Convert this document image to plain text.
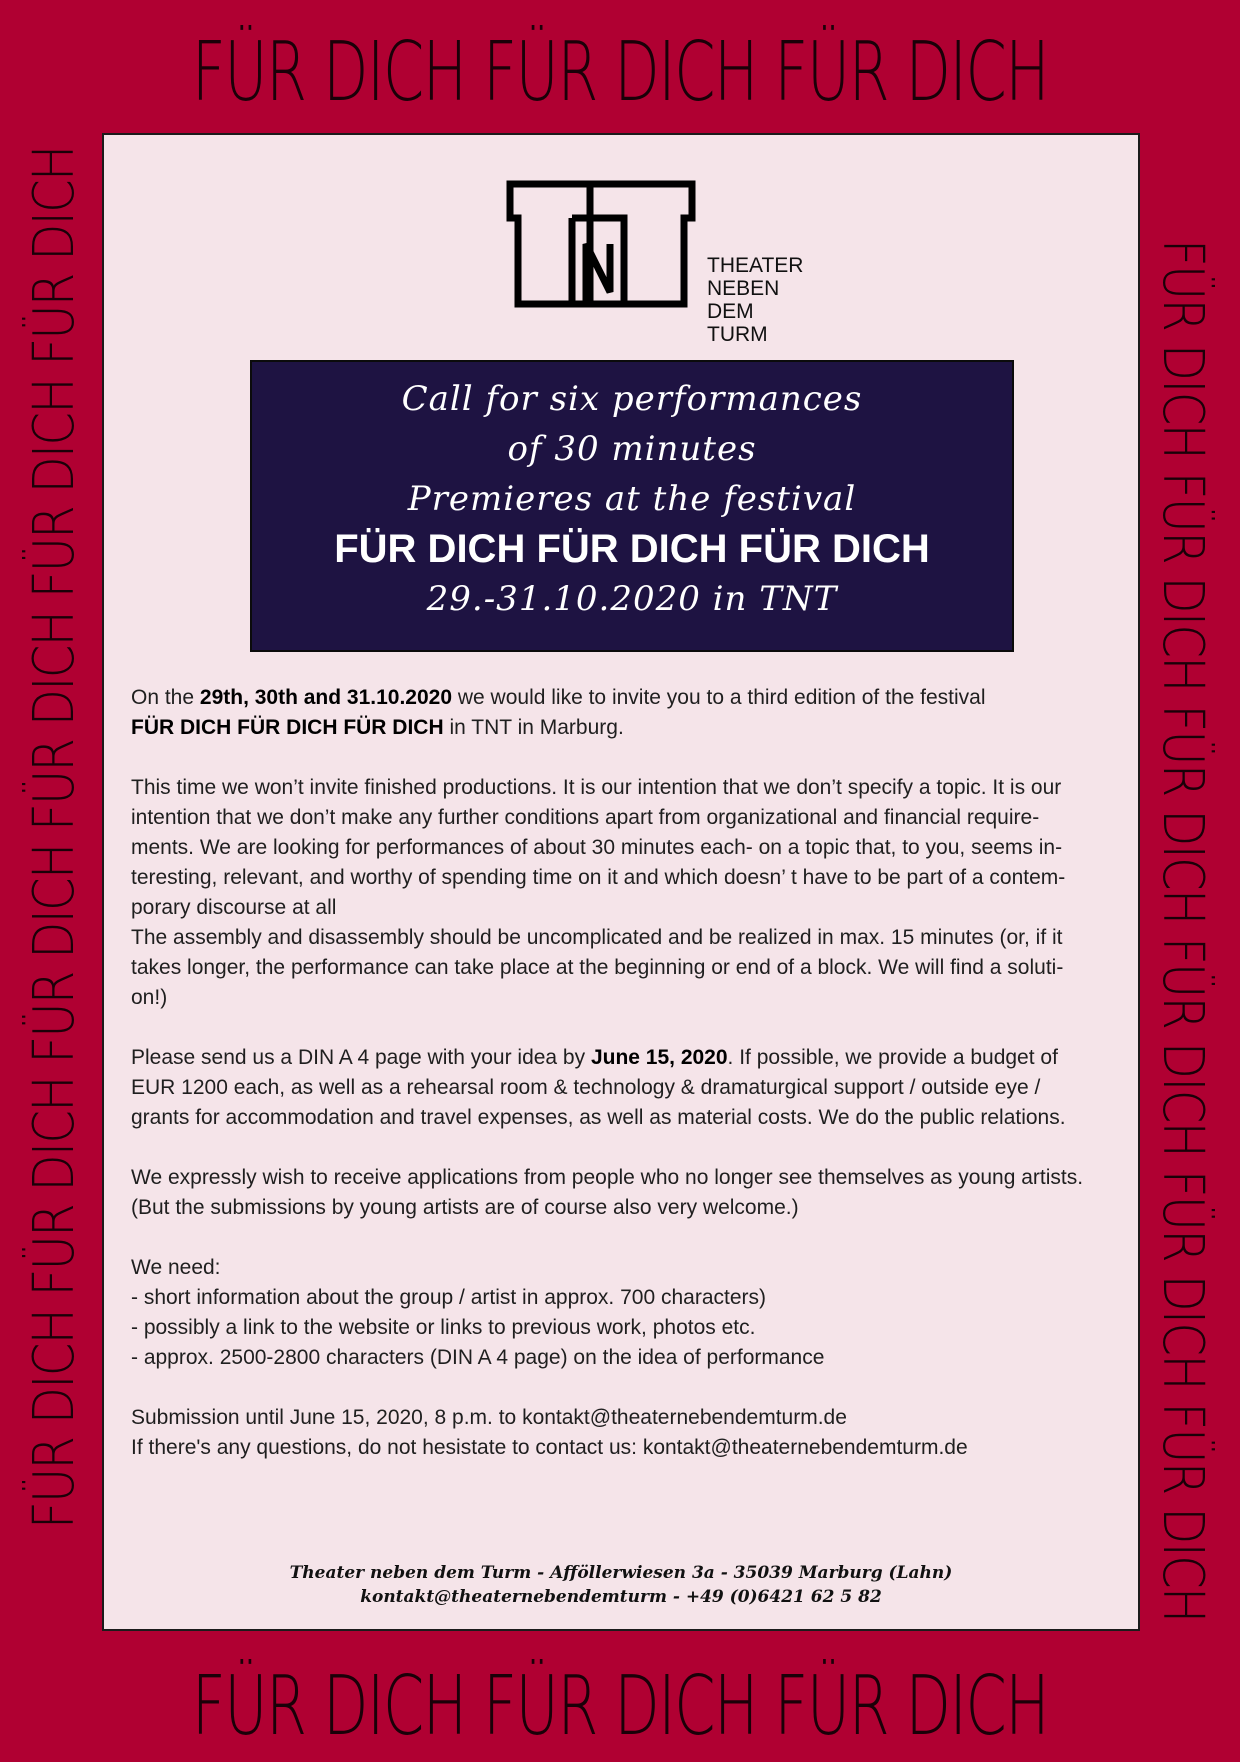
FÜR DICH FÜR DICH FÜR DICH
FÜR DICH FÜR DICH FÜR DICH FÜR DICH FÜR DICH FÜR DICH	FÜR DICH FÜR DICH FÜR DICH FÜR DICH FÜR DICH FÜR DICH
FÜR DICH FÜR DICH FÜR DICH
THEATER
NEBEN
DEM
TURM
Call for six performances
of 30 minutes
Premieres at the festival
FÜR DICH FÜR DICH FÜR DICH
29.-31.10.2020 in TNT

On the 29th, 30th and 31.10.2020 we would like to invite you to a third edition of the festival
FÜR DICH FÜR DICH FÜR DICH in TNT in Marburg.

This time we won’t invite finished productions. It is our intention that we don’t specify a topic. It is our
intention that we don’t make any further conditions apart from organizational and financial require-
ments. We are looking for performances of about 30 minutes each- on a topic that, to you, seems in-
teresting, relevant, and worthy of spending time on it and which doesn’ t have to be part of a contem-
porary discourse at all
The assembly and disassembly should be uncomplicated and be realized in max. 15 minutes (or, if it
takes longer, the performance can take place at the beginning or end of a block. We will find a soluti-
on!)

Please send us a DIN A 4 page with your idea by June 15, 2020. If possible, we provide a budget of
EUR 1200 each, as well as a rehearsal room & technology & dramaturgical support / outside eye /
grants for accommodation and travel expenses, as well as material costs. We do the public relations.

We expressly wish to receive applications from people who no longer see themselves as young artists.
(But the submissions by young artists are of course also very welcome.)

We need:
- short information about the group / artist in approx. 700 characters)
- possibly a link to the website or links to previous work, photos etc.
- approx. 2500-2800 characters (DIN A 4 page) on the idea of performance

Submission until June 15, 2020, 8 p.m. to kontakt@theaternebendemturm.de
If there's any questions, do not hesistate to contact us: kontakt@theaternebendemturm.de

Theater neben dem Turm - Afföllerwiesen 3a - 35039 Marburg (Lahn)
kontakt@theaternebendemturm - +49 (0)6421 62 5 82
